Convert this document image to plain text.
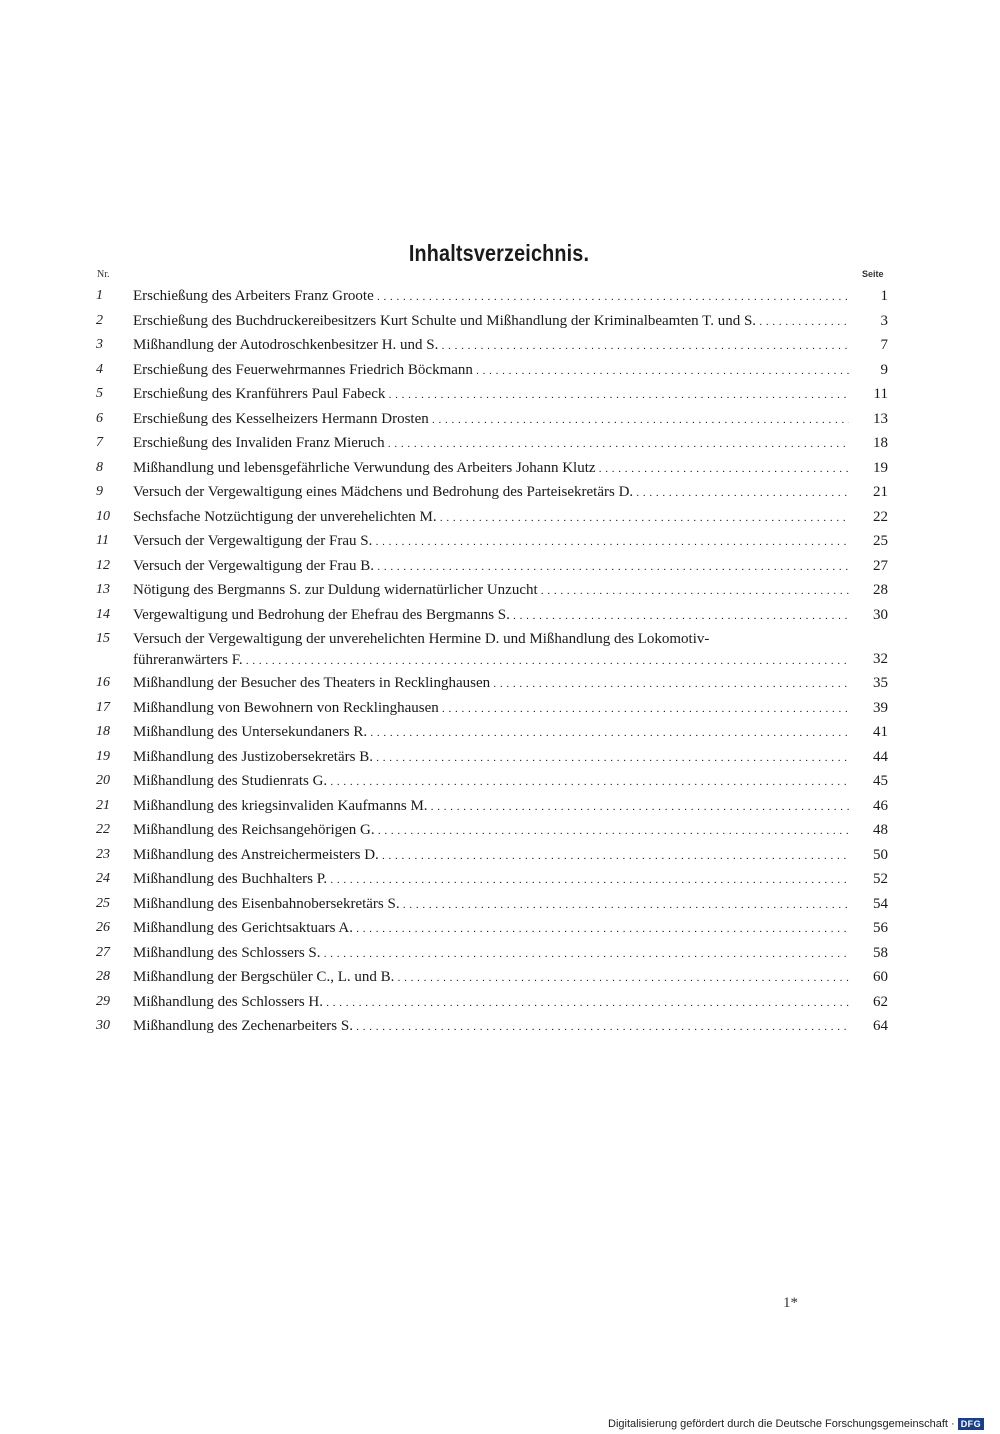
Inhaltsverzeichnis.
Nr.	Seite
1	Erschießung des Arbeiters Franz Groote . . .	1
2	Erschießung des Buchdruckereibesitzers Kurt Schulte und Mißhandlung der Kriminalbeamten T. und S. . . .	3
3	Mißhandlung der Autodroschkenbesitzer H. und S. . . .	7
4	Erschießung des Feuerwehrmannes Friedrich Böckmann . . .	9
5	Erschießung des Kranführers Paul Fabeck . . .	11
6	Erschießung des Kesselheizers Hermann Drosten . . .	13
7	Erschießung des Invaliden Franz Mieruch . . .	18
8	Mißhandlung und lebensgefährliche Verwundung des Arbeiters Johann Klutz . . .	19
9	Versuch der Vergewaltigung eines Mädchens und Bedrohung des Parteisekretärs D. . . .	21
10	Sechsfache Notzüchtigung der unverehelichten M. . . .	22
11	Versuch der Vergewaltigung der Frau S. . . .	25
12	Versuch der Vergewaltigung der Frau B. . . .	27
13	Nötigung des Bergmanns S. zur Duldung widernatürlicher Unzucht . . .	28
14	Vergewaltigung und Bedrohung der Ehefrau des Bergmanns S. . . .	30
15	Versuch der Vergewaltigung der unverehelichten Hermine D. und Mißhandlung des Lokomotiv-
führeranwärters F. . . .	32
16	Mißhandlung der Besucher des Theaters in Recklinghausen . . .	35
17	Mißhandlung von Bewohnern von Recklinghausen . . .	39
18	Mißhandlung des Untersekundaners R. . . .	41
19	Mißhandlung des Justizobersekretärs B. . . .	44
20	Mißhandlung des Studienrats G. . . .	45
21	Mißhandlung des kriegsinvaliden Kaufmanns M. . . .	46
22	Mißhandlung des Reichsangehörigen G. . . .	48
23	Mißhandlung des Anstreichermeisters D. . . .	50
24	Mißhandlung des Buchhalters P. . . .	52
25	Mißhandlung des Eisenbahnobersekretärs S. . . .	54
26	Mißhandlung des Gerichtsaktuars A. . . .	56
27	Mißhandlung des Schlossers S. . . .	58
28	Mißhandlung der Bergschüler C., L. und B. . . .	60
29	Mißhandlung des Schlossers H. . . .	62
30	Mißhandlung des Zechenarbeiters S. . . .	64
1*
Digitalisierung gefördert durch die Deutsche Forschungsgemeinschaft · DFG
